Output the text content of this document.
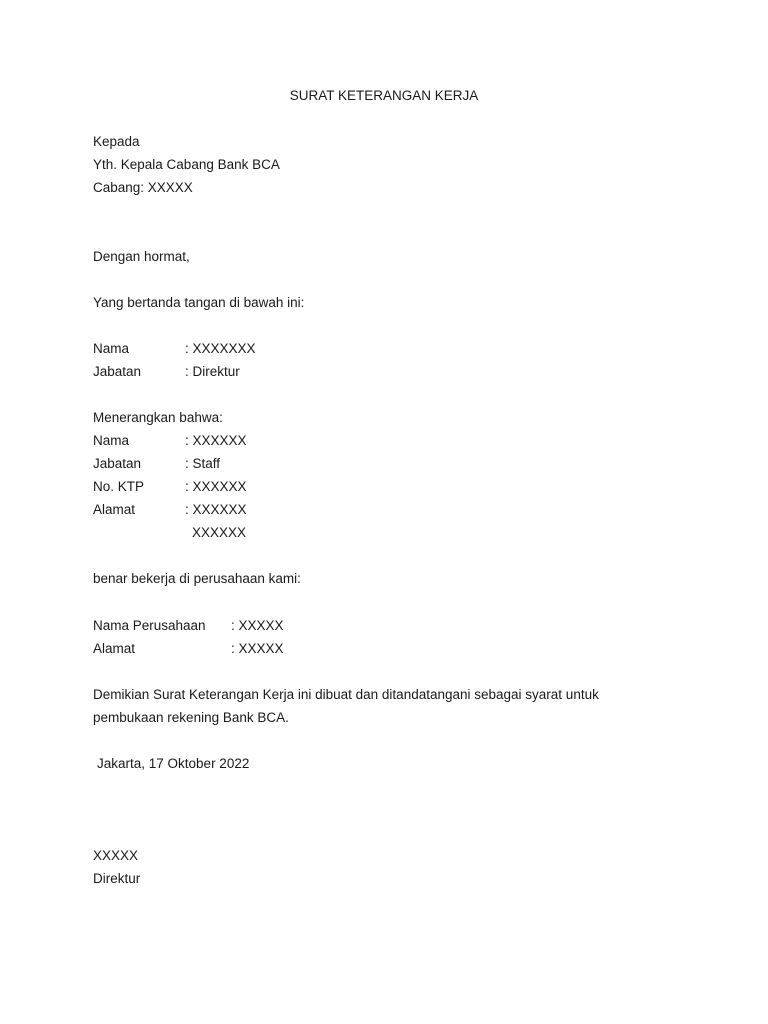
SURAT KETERANGAN KERJA
Kepada
Yth. Kepala Cabang Bank BCA
Cabang: XXXXX
Dengan hormat,
Yang bertanda tangan di bawah ini:
Nama	: XXXXXXX
Jabatan	: Direktur
Menerangkan bahwa:
Nama	: XXXXXX
Jabatan	: Staff
No. KTP	: XXXXXX
Alamat	: XXXXXX
XXXXXX
benar bekerja di perusahaan kami:
Nama Perusahaan : XXXXX
Alamat	: XXXXX
Demikian Surat Keterangan Kerja ini dibuat dan ditandatangani sebagai syarat untuk
pembukaan rekening Bank BCA.
Jakarta, 17 Oktober 2022
XXXXX
Direktur
